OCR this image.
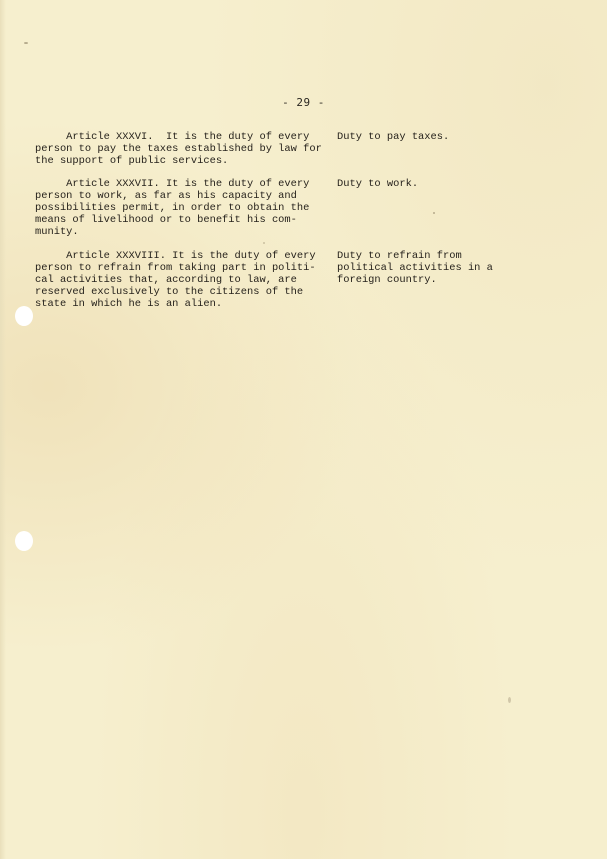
- 29 -
Article XXXVI.  It is the duty of every
person to pay the taxes established by law for
the support of public services.
Duty to pay taxes.
Article XXXVII. It is the duty of every
person to work, as far as his capacity and
possibilities permit, in order to obtain the
means of livelihood or to benefit his com-
munity.
Duty to work.
Article XXXVIII. It is the duty of every
person to refrain from taking part in politi-
cal activities that, according to law, are
reserved exclusively to the citizens of the
state in which he is an alien.
Duty to refrain from
political activities in a
foreign country.
